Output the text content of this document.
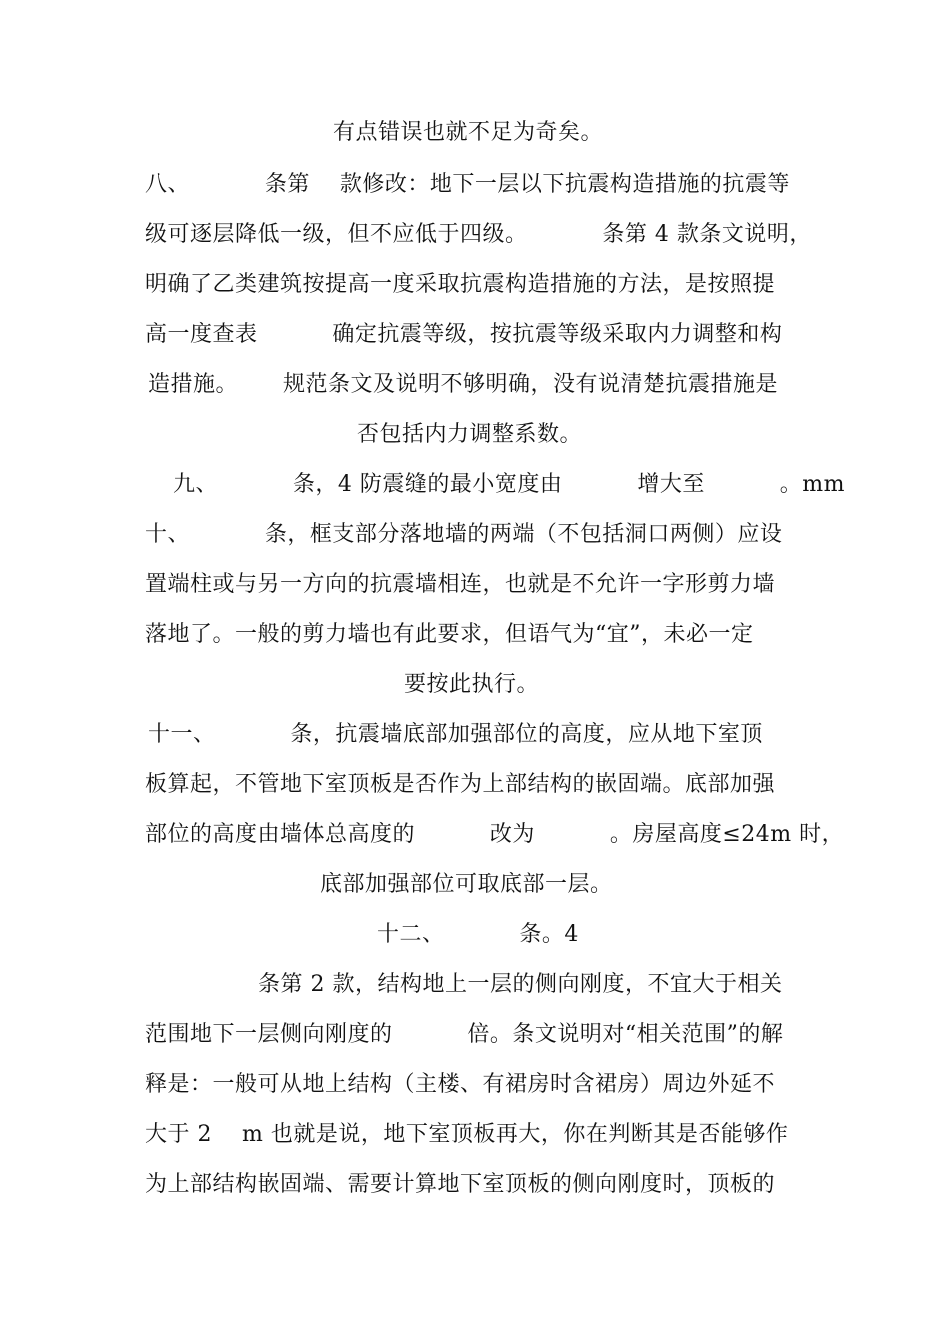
有点错误也就不足为奇矣。
八、          条第    款修改：地下一层以下抗震构造措施的抗震等
级可逐层降低一级，但不应低于四级。          条第 4 款条文说明，
明确了乙类建筑按提高一度采取抗震构造措施的方法，是按照提
高一度查表          确定抗震等级，按抗震等级采取内力调整和构
造措施。      规范条文及说明不够明确，没有说清楚抗震措施是
否包括内力调整系数。
九、          条，4 防震缝的最小宽度由          增大至          。mm
十、          条，框支部分落地墙的两端（不包括洞口两侧）应设
置端柱或与另一方向的抗震墙相连，也就是不允许一字形剪力墙
落地了。一般的剪力墙也有此要求，但语气为“宜”，未必一定
要按此执行。
十一、          条，抗震墙底部加强部位的高度，应从地下室顶
板算起，不管地下室顶板是否作为上部结构的嵌固端。底部加强
部位的高度由墙体总高度的          改为          。房屋高度≤24m 时，
底部加强部位可取底部一层。
十二、          条。4
条第 2 款，结构地上一层的侧向刚度，不宜大于相关
范围地下一层侧向刚度的          倍。条文说明对“相关范围”的解
释是：一般可从地上结构（主楼、有裙房时含裙房）周边外延不
大于 2    m 也就是说，地下室顶板再大，你在判断其是否能够作
为上部结构嵌固端、需要计算地下室顶板的侧向刚度时，顶板的
